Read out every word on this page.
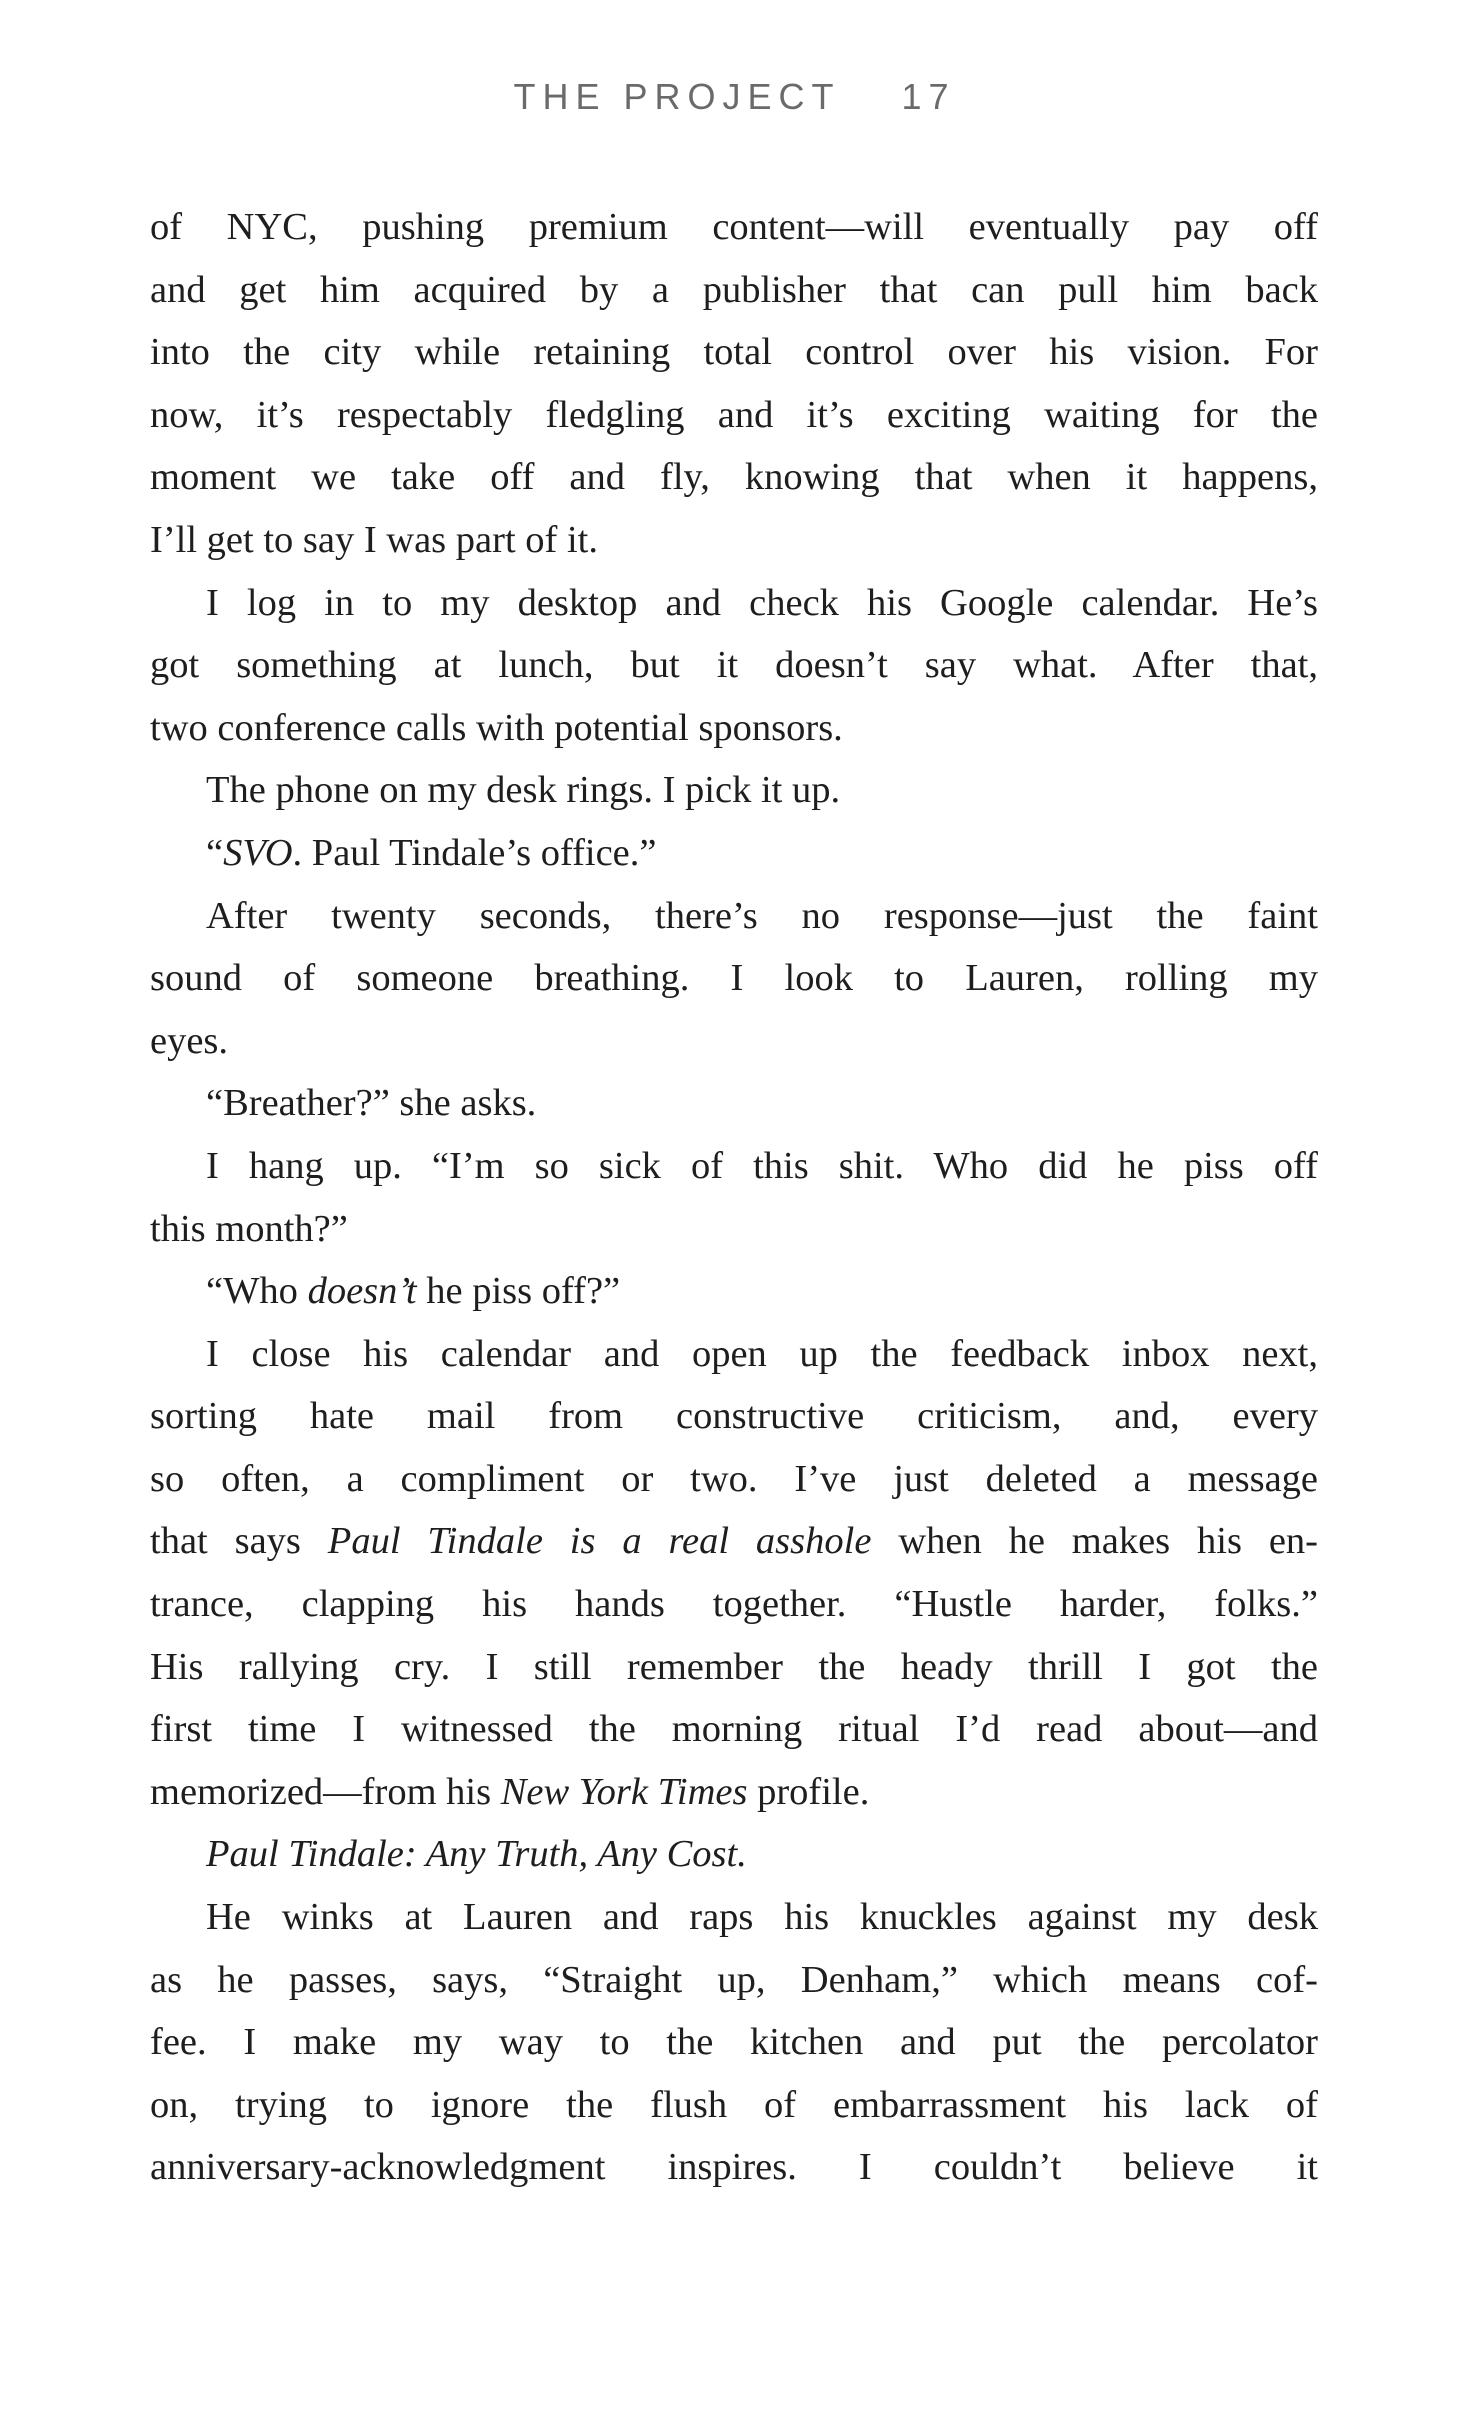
THE PROJECT 17
of NYC, pushing premium content—will eventually pay off
and get him acquired by a publisher that can pull him back
into the city while retaining total control over his vision. For
now, it’s respectably fledgling and it’s exciting waiting for the
moment we take off and fly, knowing that when it happens,
I’ll get to say I was part of it.
I log in to my desktop and check his Google calendar. He’s
got something at lunch, but it doesn’t say what. After that,
two conference calls with potential sponsors.
The phone on my desk rings. I pick it up.
“SVO. Paul Tindale’s office.”
After twenty seconds, there’s no response—just the faint
sound of someone breathing. I look to Lauren, rolling my
eyes.
“Breather?” she asks.
I hang up. “I’m so sick of this shit. Who did he piss off
this month?”
“Who doesn’t he piss off?”
I close his calendar and open up the feedback inbox next,
sorting hate mail from constructive criticism, and, every
so often, a compliment or two. I’ve just deleted a message
that says Paul Tindale is a real asshole when he makes his en-
trance, clapping his hands together. “Hustle harder, folks.”
His rallying cry. I still remember the heady thrill I got the
first time I witnessed the morning ritual I’d read about—and
memorized—from his New York Times profile.
Paul Tindale: Any Truth, Any Cost.
He winks at Lauren and raps his knuckles against my desk
as he passes, says, “Straight up, Denham,” which means cof-
fee. I make my way to the kitchen and put the percolator
on, trying to ignore the flush of embarrassment his lack of
anniversary-acknowledgment inspires. I couldn’t believe it
